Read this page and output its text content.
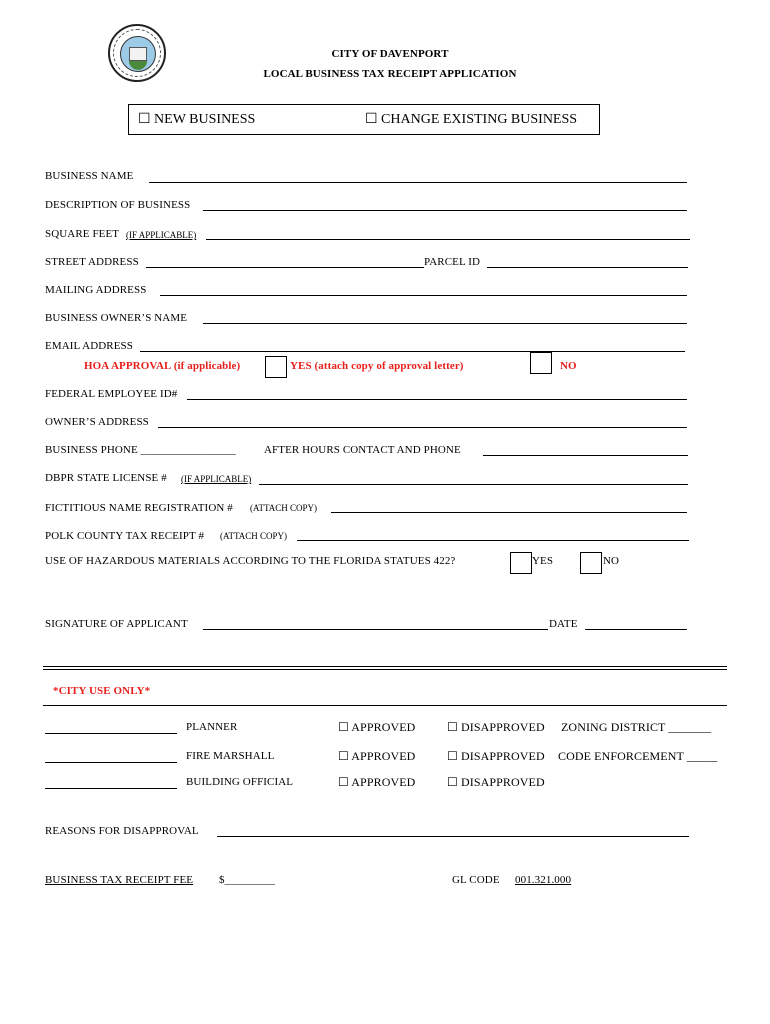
CITY OF DAVENPORT
LOCAL BUSINESS TAX RECEIPT APPLICATION
☐ NEW BUSINESS	☐ CHANGE EXISTING BUSINESS
BUSINESS NAME
DESCRIPTION OF BUSINESS
SQUARE FEET (IF APPLICABLE)
STREET ADDRESS	PARCEL ID
MAILING ADDRESS
BUSINESS OWNER’S NAME
EMAIL ADDRESS
HOA APPROVAL (if applicable)	YES (attach copy of approval letter)	NO
FEDERAL EMPLOYEE ID#
OWNER’S ADDRESS
BUSINESS PHONE _________________	AFTER HOURS CONTACT AND PHONE
DBPR STATE LICENSE # (IF APPLICABLE)
FICTITIOUS NAME REGISTRATION # (ATTACH COPY)
POLK COUNTY TAX RECEIPT # (ATTACH COPY)
USE OF HAZARDOUS MATERIALS ACCORDING TO THE FLORIDA STATUES 422?	YES	NO
SIGNATURE OF APPLICANT	DATE
*CITY USE ONLY*
PLANNER	☐ APPROVED	☐ DISAPPROVED ZONING DISTRICT _______
FIRE MARSHALL	☐ APPROVED	☐ DISAPPROVED CODE ENFORCEMENT _____
BUILDING OFFICIAL	☐ APPROVED	☐ DISAPPROVED
REASONS FOR DISAPPROVAL
BUSINESS TAX RECEIPT FEE $_________	GL CODE 001.321.000
